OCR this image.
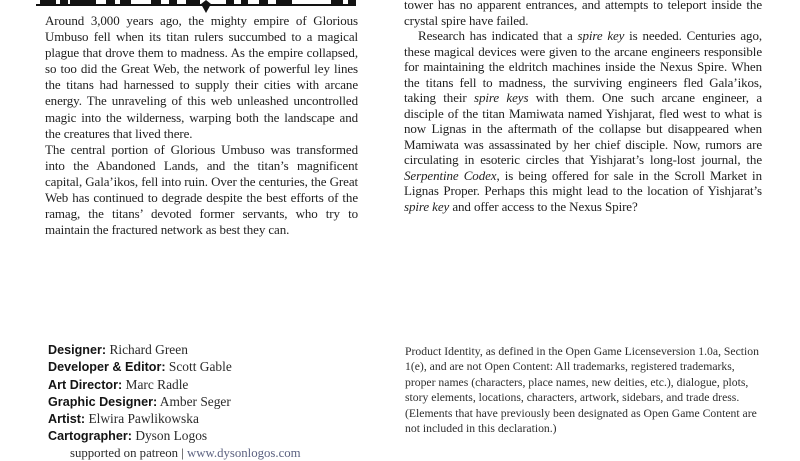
Around 3,000 years ago, the mighty empire of Glorious Umbuso fell when its titan rulers succumbed to a magical plague that drove them to madness. As the empire collapsed, so too did the Great Web, the network of powerful ley lines the titans had harnessed to supply their cities with arcane energy. The unraveling of this web unleashed uncontrolled magic into the wilderness, warping both the landscape and the creatures that lived there.

The central portion of Glorious Umbuso was transformed into the Abandoned Lands, and the titan’s magnificent capital, Gala’ikos, fell into ruin. Over the centuries, the Great Web has continued to degrade despite the best efforts of the ramag, the titans’ devoted former servants, who try to maintain the fractured network as best they can.

tower has no apparent entrances, and attempts to teleport inside the crystal spire have failed.

Research has indicated that a spire key is needed. Centuries ago, these magical devices were given to the arcane engineers responsible for maintaining the eldritch machines inside the Nexus Spire. When the titans fell to madness, the surviving engineers fled Gala’ikos, taking their spire keys with them. One such arcane engineer, a disciple of the titan Mamiwata named Yishjarat, fled west to what is now Lignas in the aftermath of the collapse but disappeared when Mamiwata was assassinated by her chief disciple. Now, rumors are circulating in esoteric circles that Yishjarat’s long-lost journal, the Serpentine Codex, is being offered for sale in the Scroll Market in Lignas Proper. Perhaps this might lead to the location of Yishjarat’s spire key and offer access to the Nexus Spire?

Designer: Richard Green
Developer & Editor: Scott Gable
Art Director: Marc Radle
Graphic Designer: Amber Seger
Artist: Elwira Pawlikowska
Cartographer: Dyson Logos
supported on patreon | www.dysonlogos.com
Product Identity, as defined in the Open Game Licenseversion 1.0a, Section 1(e), and are not Open Content: All trademarks, registered trademarks, proper names (characters, place names, new deities, etc.), dialogue, plots, story elements, locations, characters, artwork, sidebars, and trade dress. (Elements that have previously been designated as Open Game Content are not included in this declaration.)
